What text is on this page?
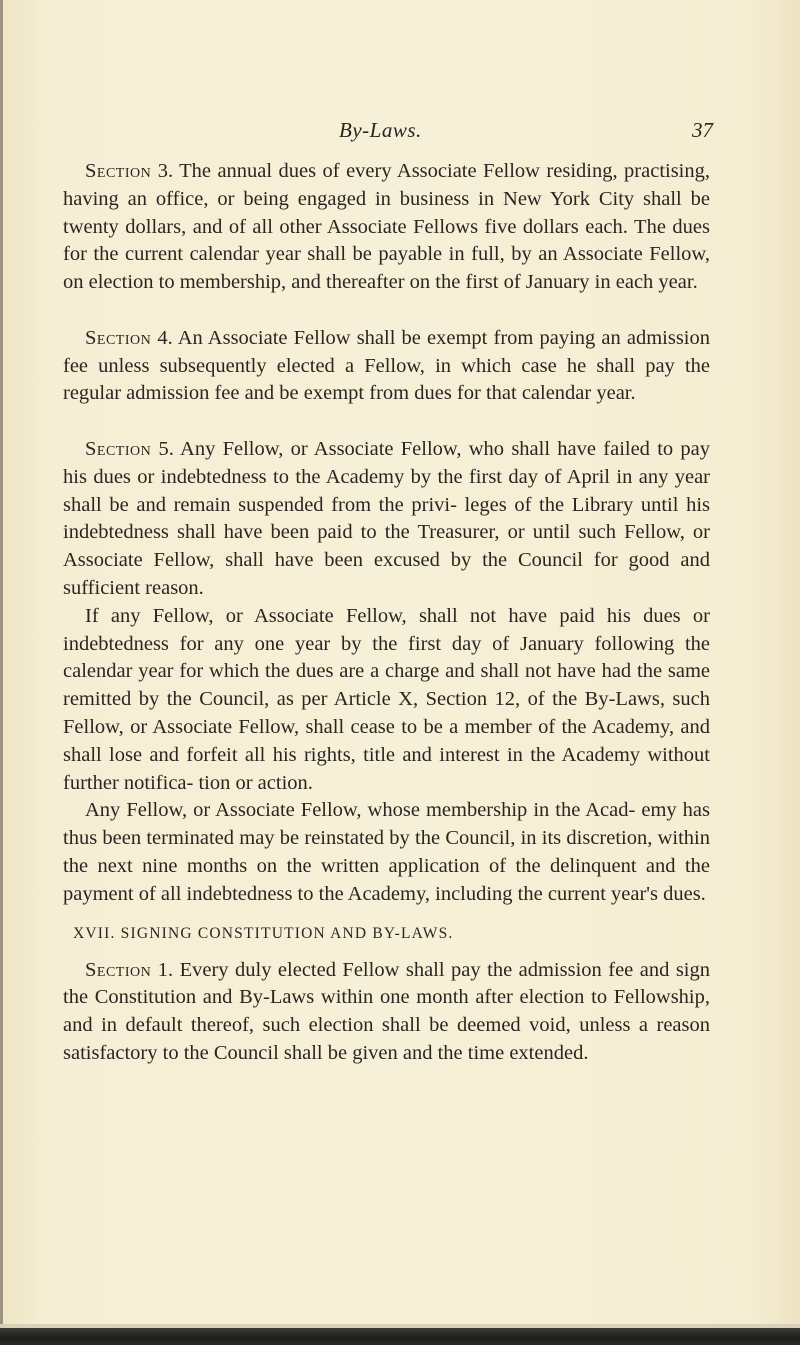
By-Laws.	37

Section 3. The annual dues of every Associate Fellow residing, practising, having an office, or being engaged in business in New York City shall be twenty dollars, and of all other Associate Fellows five dollars each. The dues for the current calendar year shall be payable in full, by an Associate Fellow, on election to membership, and thereafter on the first of January in each year.

Section 4. An Associate Fellow shall be exempt from paying an admission fee unless subsequently elected a Fellow, in which case he shall pay the regular admission fee and be exempt from dues for that calendar year.

Section 5. Any Fellow, or Associate Fellow, who shall have failed to pay his dues or indebtedness to the Academy by the first day of April in any year shall be and remain suspended from the privi- leges of the Library until his indebtedness shall have been paid to the Treasurer, or until such Fellow, or Associate Fellow, shall have been excused by the Council for good and sufficient reason.

If any Fellow, or Associate Fellow, shall not have paid his dues or indebtedness for any one year by the first day of January following the calendar year for which the dues are a charge and shall not have had the same remitted by the Council, as per Article X, Section 12, of the By-Laws, such Fellow, or Associate Fellow, shall cease to be a member of the Academy, and shall lose and forfeit all his rights, title and interest in the Academy without further notifica- tion or action.

Any Fellow, or Associate Fellow, whose membership in the Acad- emy has thus been terminated may be reinstated by the Council, in its discretion, within the next nine months on the written application of the delinquent and the payment of all indebtedness to the Academy, including the current year's dues.

XVII. SIGNING CONSTITUTION AND BY-LAWS.

Section 1. Every duly elected Fellow shall pay the admission fee and sign the Constitution and By-Laws within one month after election to Fellowship, and in default thereof, such election shall be deemed void, unless a reason satisfactory to the Council shall be given and the time extended.
